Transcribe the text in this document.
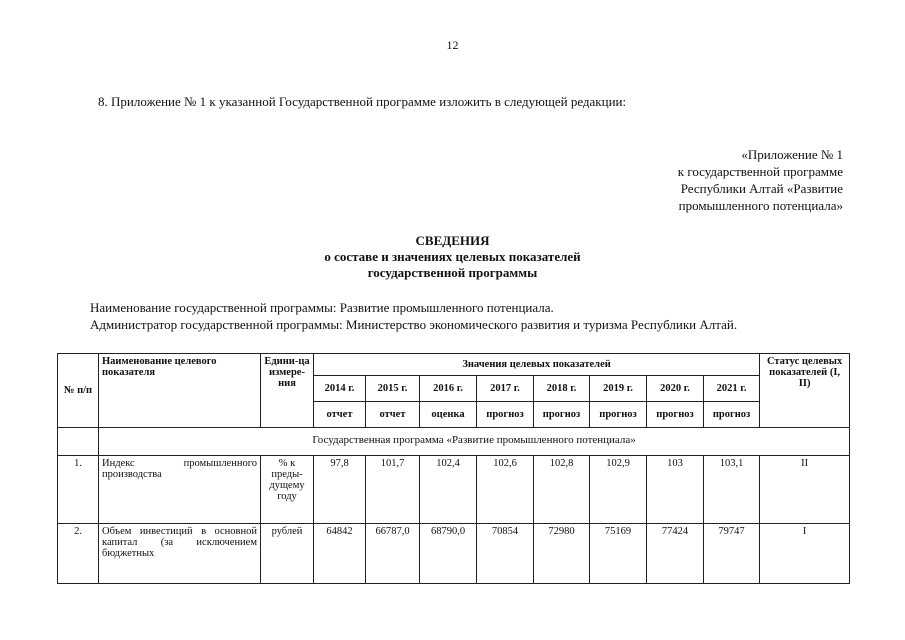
12
8. Приложение № 1 к указанной Государственной программе изложить в следующей редакции:
«Приложение № 1
к государственной программе
Республики Алтай «Развитие
промышленного потенциала»
СВЕДЕНИЯ
о составе и значениях целевых показателей
государственной программы
Наименование государственной программы: Развитие промышленного потенциала.
Администратор государственной программы: Министерство экономического развития и туризма Республики Алтай.
№ п/п	Наименование целевого показателя	Едини-ца измере-ния	Значения целевых показателей								Статус целевых показателей (I, II)
			2014 г.	2015 г.	2016 г.	2017 г.	2018 г.	2019 г.	2020 г.	2021 г.	
			отчет	отчет	оценка	прогноз	прогноз	прогноз	прогноз	прогноз	
	Государственная программа «Развитие промышленного потенциала»										
1.	Индекс промышленного производства	% к преды-дущему году	97,8	101,7	102,4	102,6	102,8	102,9	103	103,1	II
2.	Объем инвестиций в основной капитал (за исключением бюджетных	рублей	64842	66787,0	68790,0	70854	72980	75169	77424	79747	I
